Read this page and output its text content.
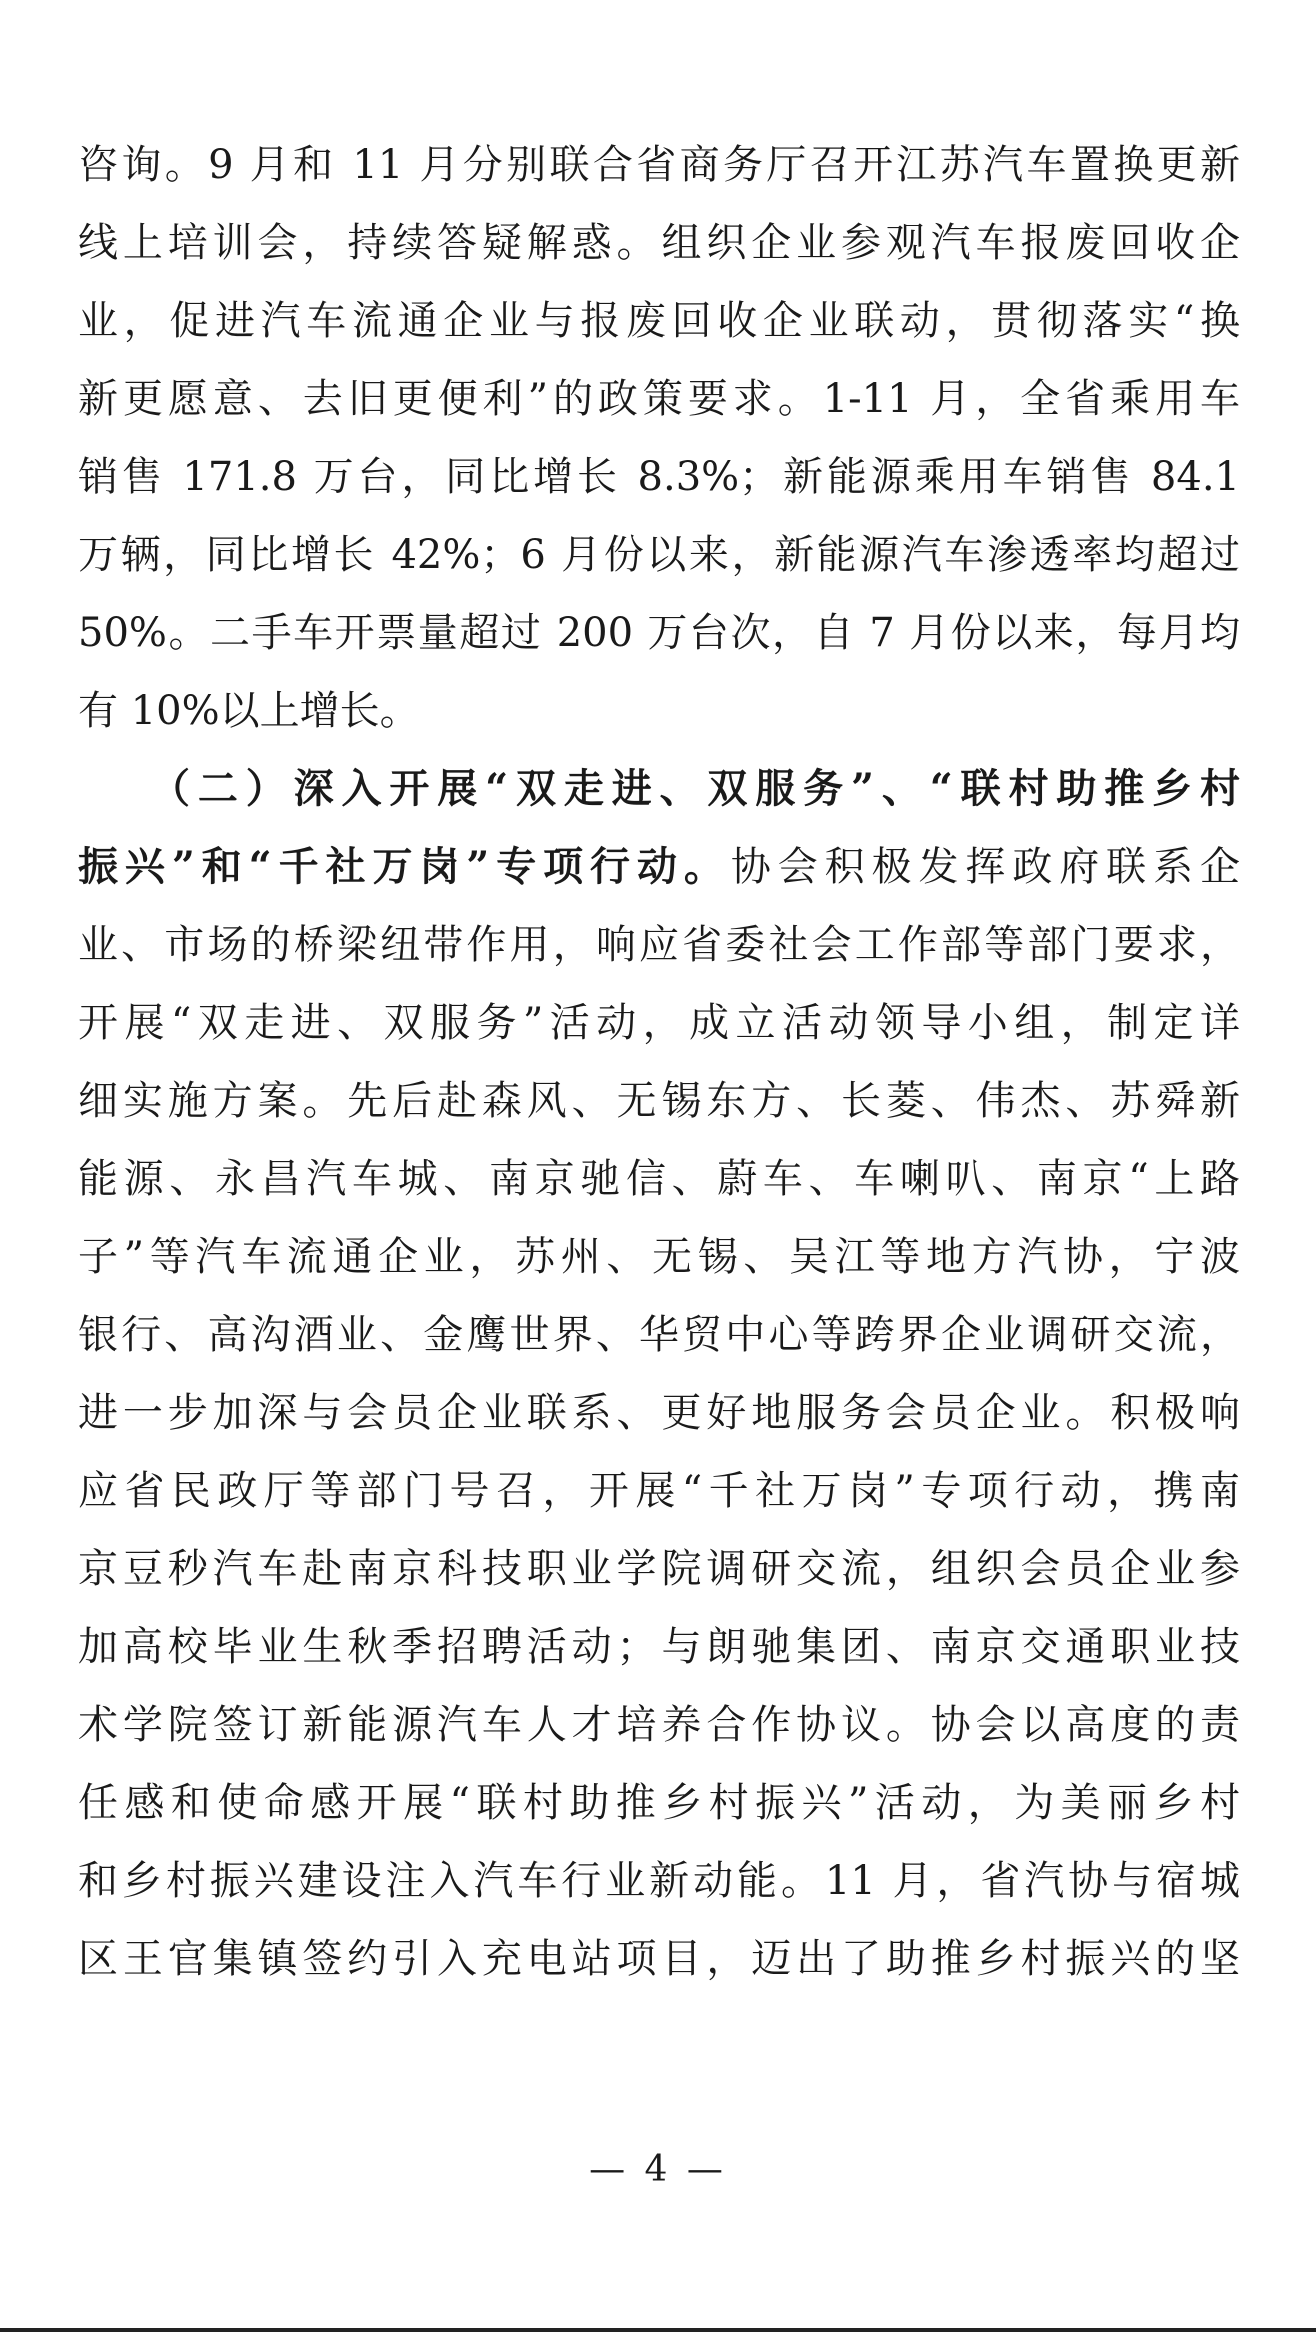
咨询。9 月和 11 月分别联合省商务厅召开江苏汽车置换更新
线上培训会，持续答疑解惑。组织企业参观汽车报废回收企
业，促进汽车流通企业与报废回收企业联动，贯彻落实“换
新更愿意、去旧更便利”的政策要求。1-11 月，全省乘用车
销售 171.8 万台，同比增长 8.3%；新能源乘用车销售 84.1
万辆，同比增长 42%；6 月份以来，新能源汽车渗透率均超过
50%。二手车开票量超过 200 万台次，自 7 月份以来，每月均
有 10%以上增长。
（二）深入开展“双走进、双服务”、“联村助推乡村
振兴”和“千社万岗”专项行动。协会积极发挥政府联系企
业、市场的桥梁纽带作用，响应省委社会工作部等部门要求，
开展“双走进、双服务”活动，成立活动领导小组，制定详
细实施方案。先后赴森风、无锡东方、长菱、伟杰、苏舜新
能源、永昌汽车城、南京驰信、蔚车、车喇叭、南京“上路
子”等汽车流通企业，苏州、无锡、吴江等地方汽协，宁波
银行、高沟酒业、金鹰世界、华贸中心等跨界企业调研交流，
进一步加深与会员企业联系、更好地服务会员企业。积极响
应省民政厅等部门号召，开展“千社万岗”专项行动，携南
京豆秒汽车赴南京科技职业学院调研交流，组织会员企业参
加高校毕业生秋季招聘活动；与朗驰集团、南京交通职业技
术学院签订新能源汽车人才培养合作协议。协会以高度的责
任感和使命感开展“联村助推乡村振兴”活动，为美丽乡村
和乡村振兴建设注入汽车行业新动能。11 月，省汽协与宿城
区王官集镇签约引入充电站项目，迈出了助推乡村振兴的坚
— 4 —
